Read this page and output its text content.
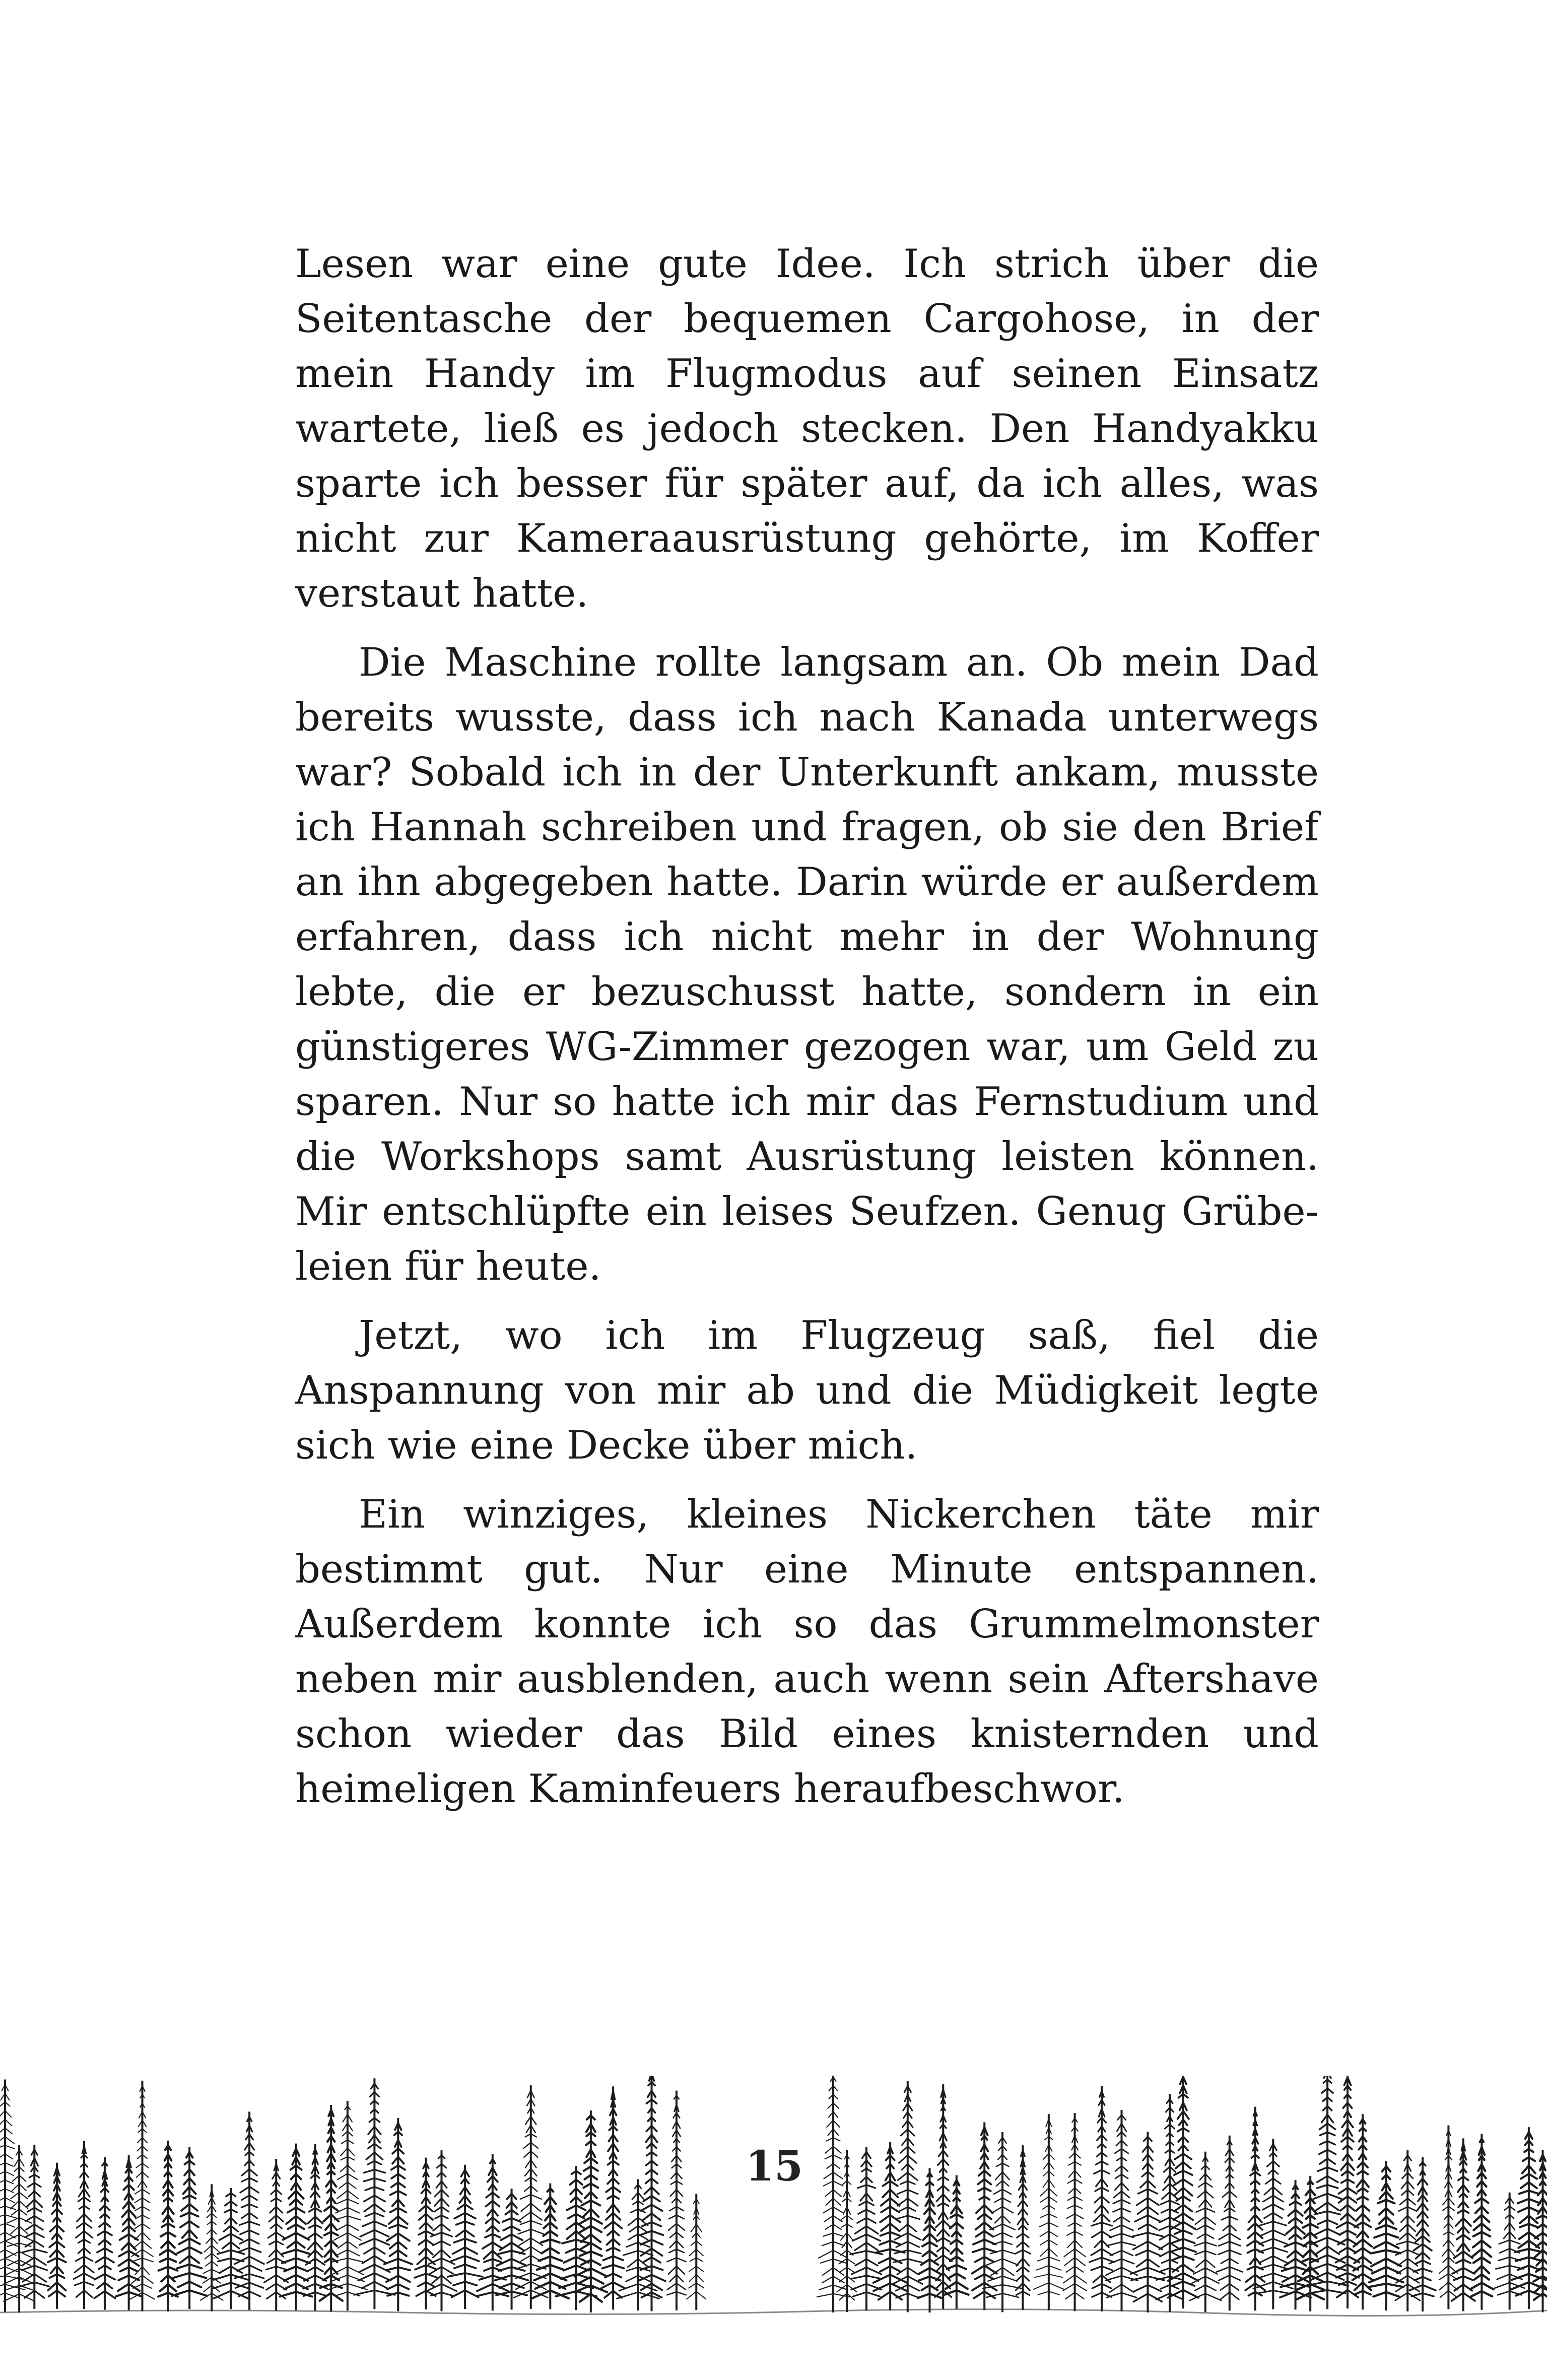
Lesen war eine gute Idee. Ich strich über die Seitentasche der bequemen Cargohose, in der mein Handy im Flugmodus auf seinen Einsatz wartete, ließ es jedoch stecken. Den Handyakku sparte ich besser für später auf, da ich alles, was nicht zur Kameraausrüstung gehörte, im Koffer verstaut hatte.

Die Maschine rollte langsam an. Ob mein Dad bereits wusste, dass ich nach Kanada unterwegs war? Sobald ich in der Unterkunft ankam, musste ich Hannah schreiben und fragen, ob sie den Brief an ihn abgegeben hatte. Darin würde er außerdem erfahren, dass ich nicht mehr in der Wohnung lebte, die er bezuschusst hatte, sondern in ein günstigeres WG-Zimmer gezogen war, um Geld zu sparen. Nur so hatte ich mir das Fernstudium und die Workshops samt Ausrüstung leisten können. Mir entschlüpfte ein leises Seufzen. Genug Grübeleien für heute.

Jetzt, wo ich im Flugzeug saß, fiel die Anspannung von mir ab und die Müdigkeit legte sich wie eine Decke über mich.

Ein winziges, kleines Nickerchen täte mir bestimmt gut. Nur eine Minute entspannen. Außerdem konnte ich so das Grummelmonster neben mir ausblenden, auch wenn sein Aftershave schon wieder das Bild eines knisternden und heimeligen Kaminfeuers heraufbeschwor.

15
